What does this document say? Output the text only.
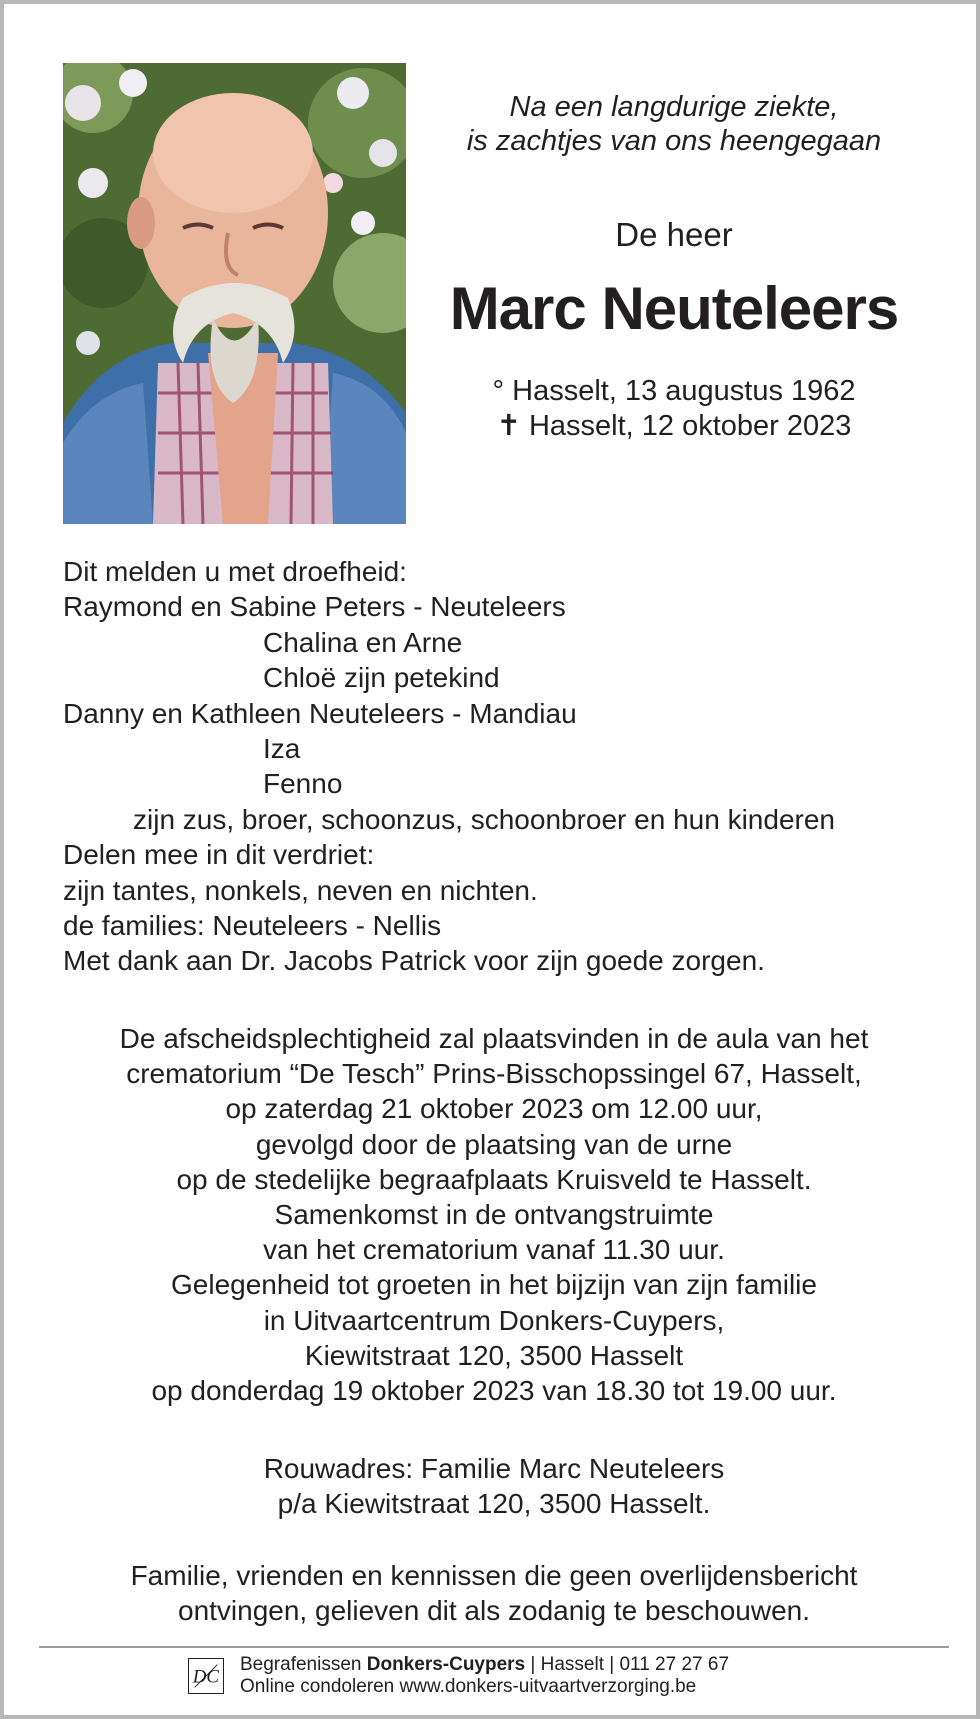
Na een langdurige ziekte,
is zachtjes van ons heengegaan
De heer
Marc Neuteleers
° Hasselt, 13 augustus 1962
✝ Hasselt, 12 oktober 2023
Dit melden u met droefheid:
Raymond en Sabine Peters - Neuteleers
Chalina en Arne
Chloë zijn petekind
Danny en Kathleen Neuteleers - Mandiau
Iza
Fenno
zijn zus, broer, schoonzus, schoonbroer en hun kinderen
Delen mee in dit verdriet:
zijn tantes, nonkels, neven en nichten.
de families: Neuteleers - Nellis
Met dank aan Dr. Jacobs Patrick voor zijn goede zorgen.
De afscheidsplechtigheid zal plaatsvinden in de aula van het
crematorium “De Tesch” Prins-Bisschopssingel 67, Hasselt,
op zaterdag 21 oktober 2023 om 12.00 uur,
gevolgd door de plaatsing van de urne
op de stedelijke begraafplaats Kruisveld te Hasselt.
Samenkomst in de ontvangstruimte
van het crematorium vanaf 11.30 uur.
Gelegenheid tot groeten in het bijzijn van zijn familie
in Uitvaartcentrum Donkers-Cuypers,
Kiewitstraat 120, 3500 Hasselt
op donderdag 19 oktober 2023 van 18.30 tot 19.00 uur.
Rouwadres: Familie Marc Neuteleers
p/a Kiewitstraat 120, 3500 Hasselt.
Familie, vrienden en kennissen die geen overlijdensbericht
ontvingen, gelieven dit als zodanig te beschouwen.
DC
Begrafenissen Donkers-Cuypers | Hasselt | 011 27 27 67
Online condoleren www.donkers-uitvaartverzorging.be
